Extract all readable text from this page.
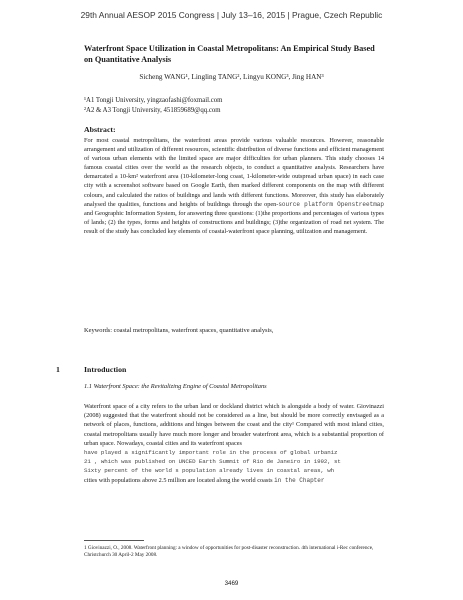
29th Annual AESOP 2015 Congress | July 13–16, 2015 | Prague, Czech Republic
Waterfront Space Utilization in Coastal Metropolitans: An Empirical Study Based on Quantitative Analysis
Sicheng WANG¹, Lingling TANG², Lingyu KONG³, Jing HAN³
¹A1 Tongji University, yingzaofashi@foxmail.com
²A2 & A3 Tongji University, 451859689@qq.com
Abstract:
For most coastal metropolitans, the waterfront areas provide various valuable resources. However, reasonable arrangement and utilization of different resources, scientific distribution of diverse functions and efficient management of various urban elements with the limited space are major difficulties for urban planners. This study chooses 14 famous coastal cities over the world as the research objects, to conduct a quantitative analysis. Researchers have demarcated a 10-km² waterfront area (10-kilometer-long coast, 1-kilometer-wide outspread urban space) in each case city with a screenshot software based on Google Earth, then marked different components on the map with different colours, and calculated the ratios of buildings and lands with different functions. Moreover, this study has elaborately analysed the qualities, functions and heights of buildings through the open-source platform Openstreetmap and Geographic Information System, for answering three questions: (1)the proportions and percentages of various types of lands; (2) the types, forms and heights of constructions and buildings; (3)the organization of road net system. The result of the study has concluded key elements of coastal-waterfront space planning, utilization and management.
Keywords: coastal metropolitans, waterfront spaces, quantitative analysis,
1	Introduction
1.1 Waterfront Space: the Revitalizing Engine of Coastal Metropolitans
Waterfront space of a city refers to the urban land or dockland district which is alongside a body of water. Giovinazzi (2008) suggested that the waterfront should not be considered as a line, but should be more correctly envisaged as a network of places, functions, additions and hinges between the coast and the city¹ Compared with most inland cities, coastal metropolitans usually have much more longer and broader waterfront area, which is a substantial proportion of urban space. Nowadays, coastal cities and its waterfront spaces
have played a significantly important role in the process of global urbaniz
21 , which was published on UNCED Earth Summit of Rio de Janeiro in 1992, st
Sixty percent of the world s population already lives in coastal areas, wh
cities with populations above 2.5 million are located along the world coasts in the Chapter
1 Giovinazzi, O., 2008. Waterfront planning: a window of opportunities for post-disaster reconstruction. 4th international i-Rec conference, Christchurch 30 April-2 May 2008.
3469
